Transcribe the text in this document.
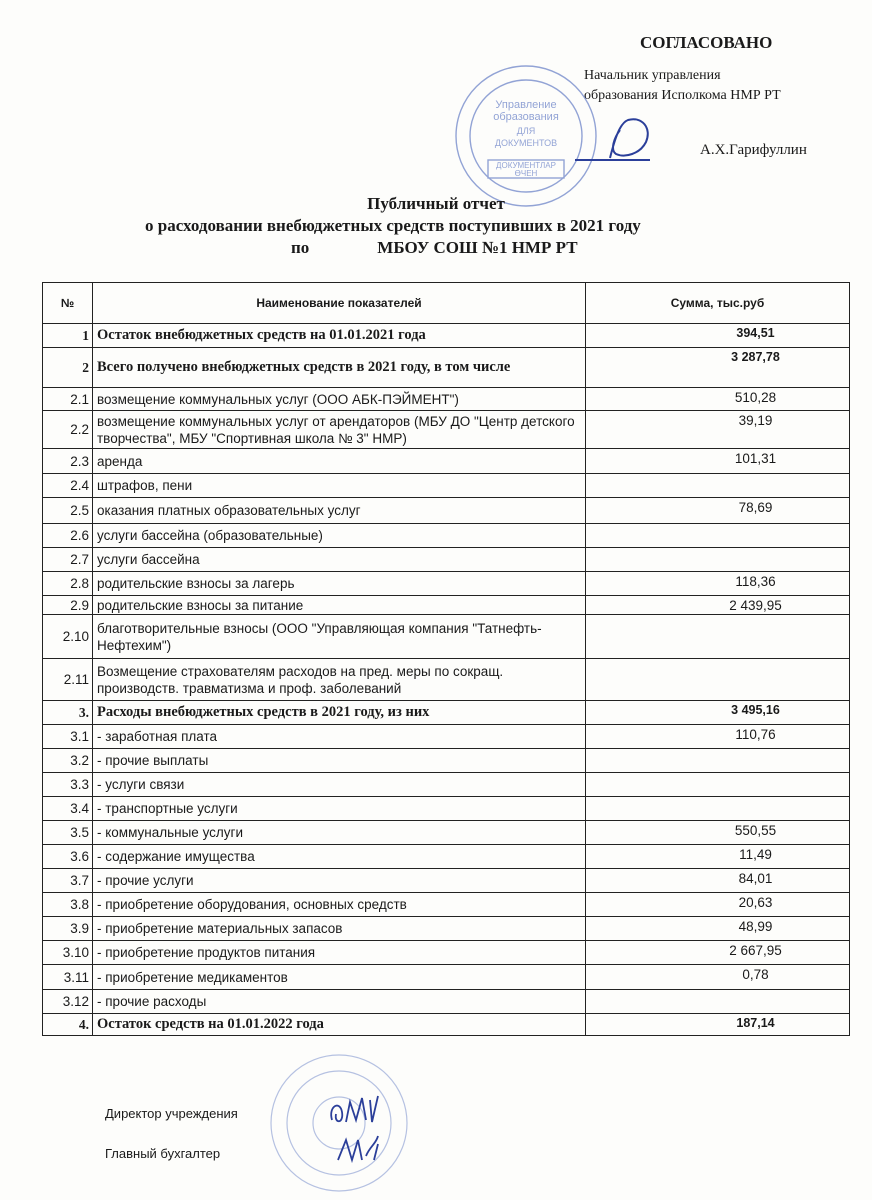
СОГЛАСОВАНО
Начальник управления
образования Исполкома НМР РТ
Управление
образования
ДЛЯ
ДОКУМЕНТОВ
ДОКУМЕНТЛАР
ӨЧЕН
А.Х.Гарифуллин
Публичный отчет
о расходовании внебюджетных средств поступивших в 2021 году
по	МБОУ СОШ №1 НМР РТ
№	Наименование показателей	Сумма, тыс.руб
1	Остаток внебюджетных средств на 01.01.2021 года	394,51
2	Всего получено внебюджетных средств в 2021 году, в том числе	3 287,78
2.1	возмещение коммунальных услуг (ООО АБК-ПЭЙМЕНТ")	510,28
2.2	возмещение коммунальных услуг от арендаторов (МБУ ДО "Центр детского творчества", МБУ "Спортивная школа № 3" НМР)	39,19
2.3	аренда	101,31
2.4	штрафов, пени	
2.5	оказания платных образовательных услуг	78,69
2.6	услуги бассейна (образовательные)	
2.7	услуги бассейна	
2.8	родительские взносы за лагерь	118,36
2.9	родительские взносы за питание	2 439,95
2.10	благотворительные взносы (ООО "Управляющая компания "Татнефть-Нефтехим")	
2.11	Возмещение страхователям расходов на пред. меры по сокращ. производств. травматизма и проф. заболеваний	
3.	Расходы внебюджетных средств в 2021 году, из них	3 495,16
3.1	- заработная плата	110,76
3.2	- прочие выплаты	
3.3	- услуги связи	
3.4	- транспортные услуги	
3.5	- коммунальные услуги	550,55
3.6	- содержание имущества	11,49
3.7	- прочие услуги	84,01
3.8	- приобретение оборудования, основных средств	20,63
3.9	- приобретение материальных запасов	48,99
3.10	- приобретение продуктов питания	2 667,95
3.11	- приобретение медикаментов	0,78
3.12	- прочие расходы	
4.	Остаток средств на 01.01.2022 года	187,14
Директор учреждения
Главный бухгалтер
